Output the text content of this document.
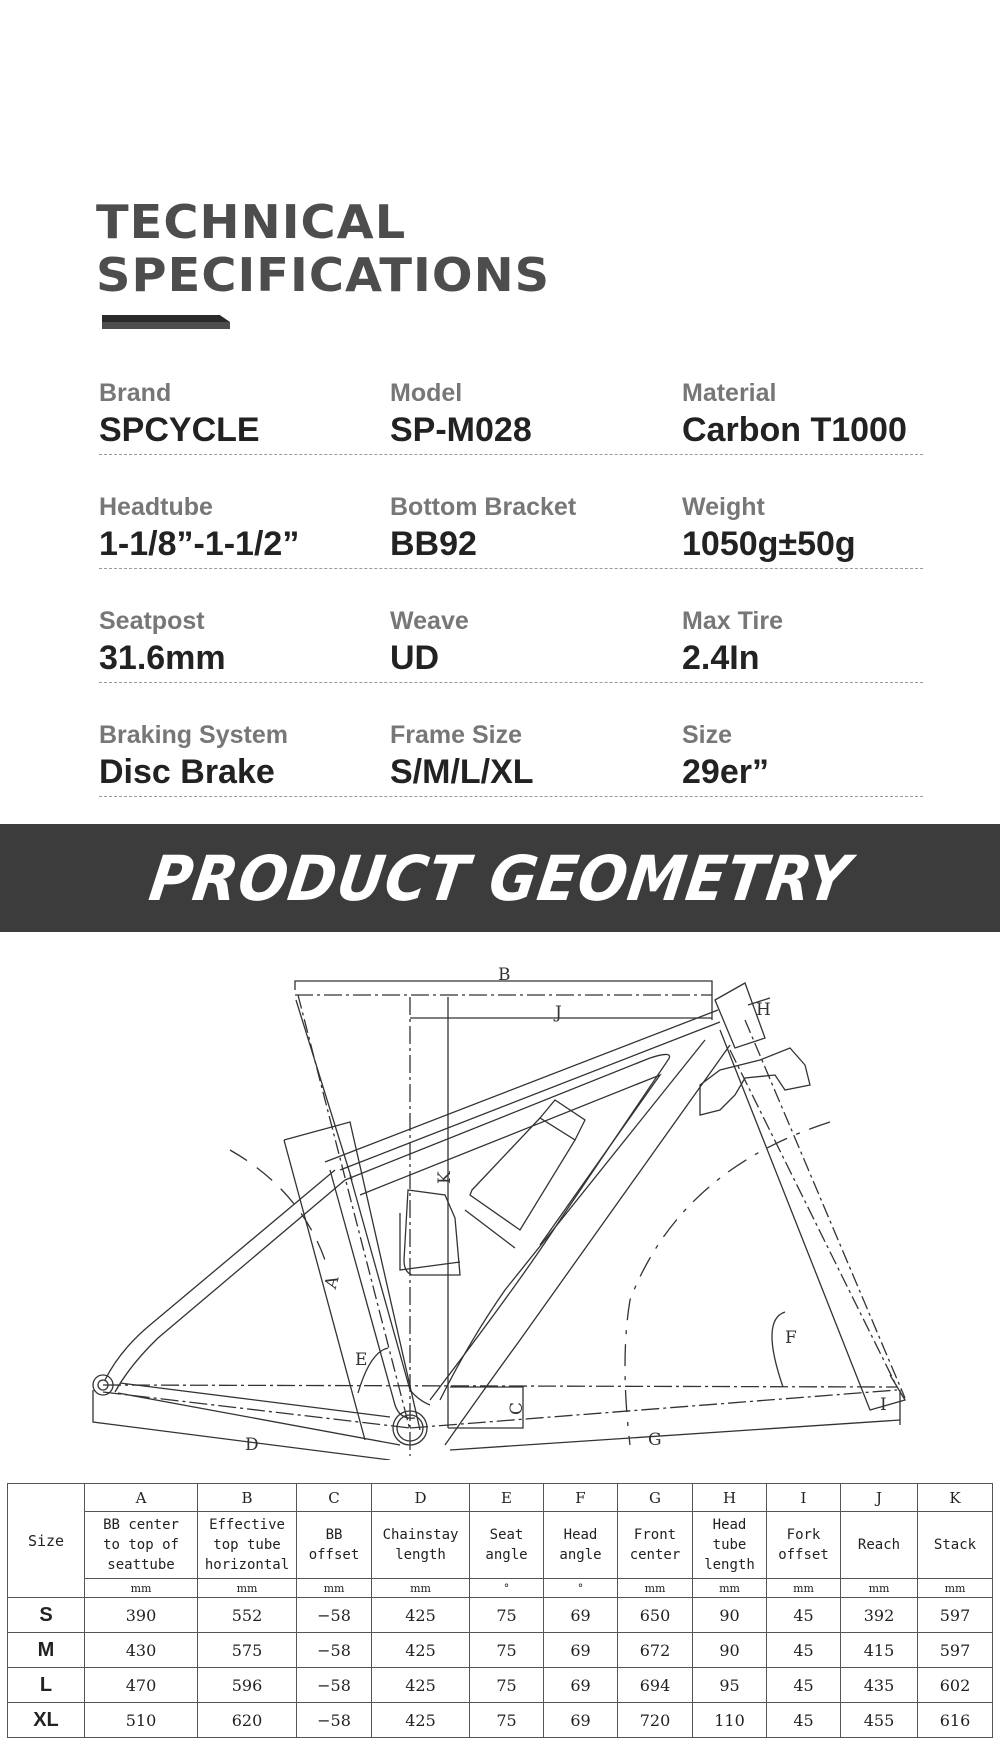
TECHNICAL
SPECIFICATIONS
Brand
SPCYCLE
Model
SP-M028
Material
Carbon T1000
Headtube
1-1/8”-1-1/2”
Bottom Bracket
BB92
Weight
1050g±50g
Seatpost
31.6mm
Weave
UD
Max Tire
2.4In
Braking System
Disc Brake
Frame Size
S/M/L/XL
Size
29er”
PRODUCT GEOMETRY
B
J
K
A
E
D
C
G
F
I
H
Size	A	B	C	D	E	F	G	H	I	J	K
	BB center
to top of
seattube	Effective
top tube
horizontal	BB
offset	Chainstay
length	Seat
angle	Head
angle	Front
center	Head
tube
length	Fork
offset	Reach	Stack
	mm	mm	mm	mm	°	°	mm	mm	mm	mm	mm
S	390	552	−58	425	75	69	650	90	45	392	597
M	430	575	−58	425	75	69	672	90	45	415	597
L	470	596	−58	425	75	69	694	95	45	435	602
XL	510	620	−58	425	75	69	720	110	45	455	616
